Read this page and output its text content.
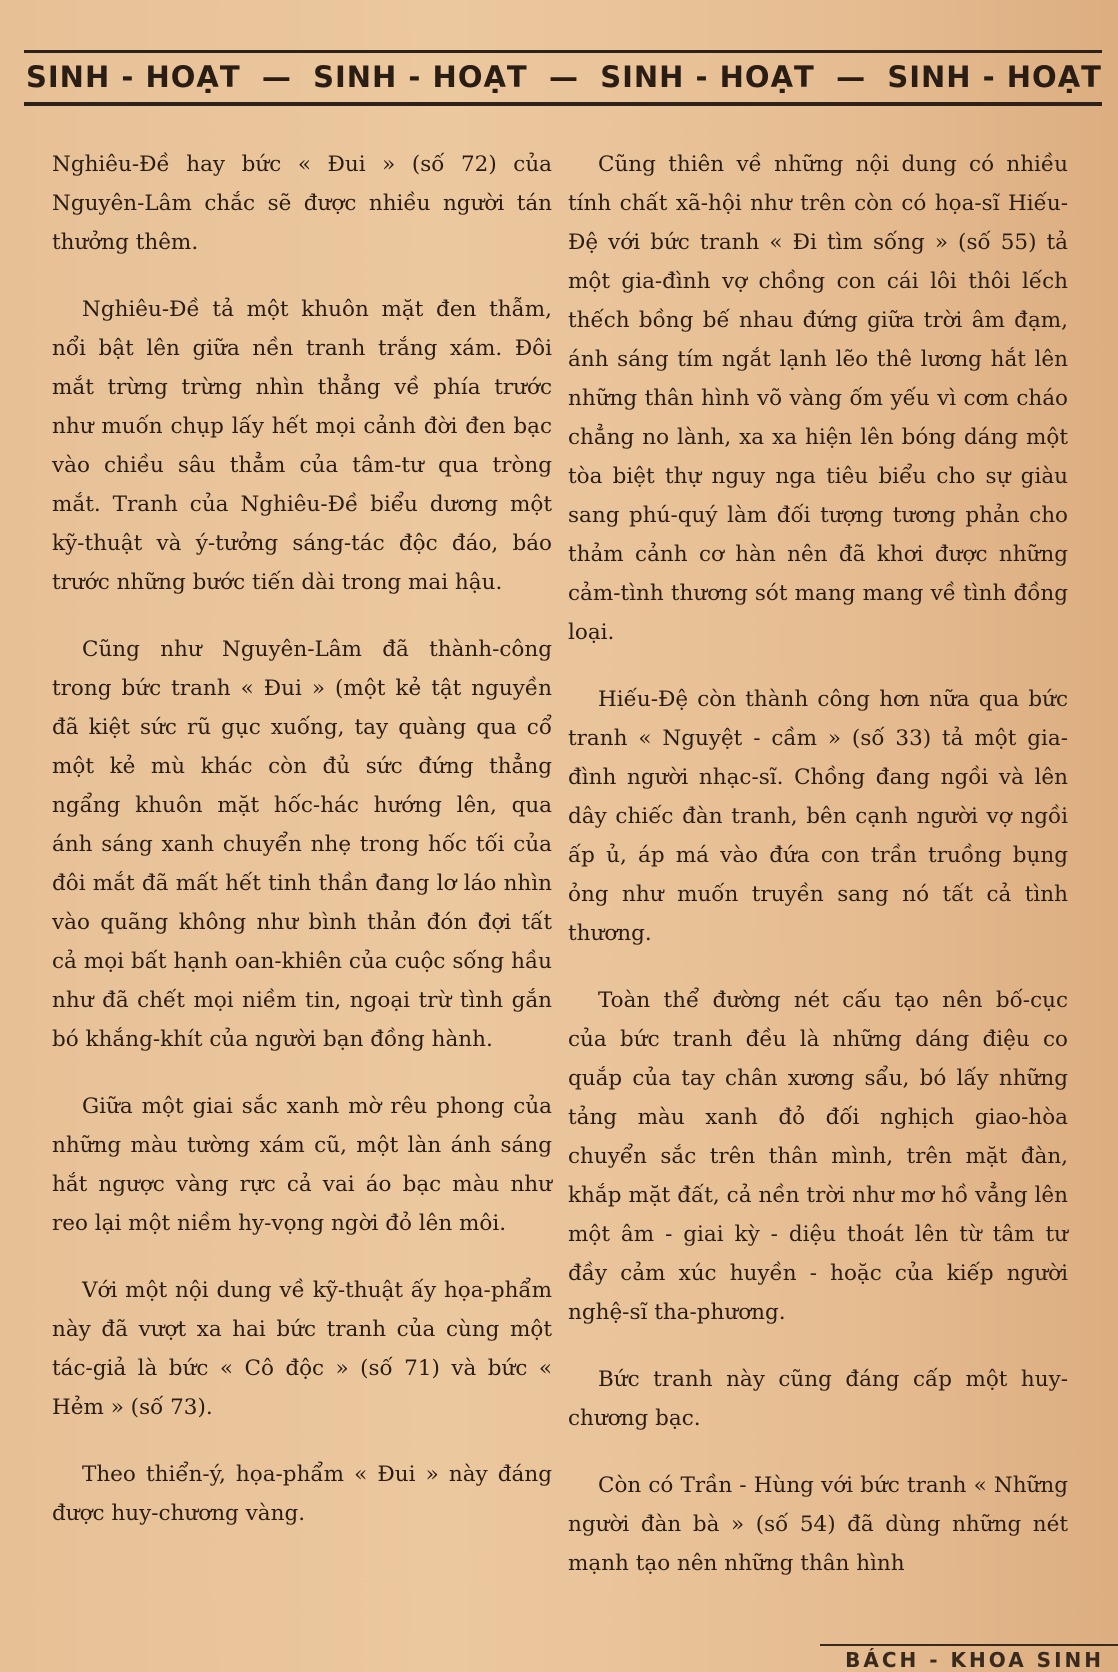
SINH - HOẠT — SINH - HOẠT — SINH - HOẠT — SINH - HOẠT

Nghiêu-Đề hay bức « Đui » (số 72) của Nguyên-Lâm chắc sẽ được nhiều người tán thưởng thêm.

Nghiêu-Đề tả một khuôn mặt đen thẫm, nổi bật lên giữa nền tranh trắng xám. Đôi mắt trừng trừng nhìn thẳng về phía trước như muốn chụp lấy hết mọi cảnh đời đen bạc vào chiều sâu thẳm của tâm-tư qua tròng mắt. Tranh của Nghiêu-Đề biểu dương một kỹ-thuật và ý-tưởng sáng-tác độc đáo, báo trước những bước tiến dài trong mai hậu.

Cũng như Nguyên-Lâm đã thành-công trong bức tranh « Đui » (một kẻ tật nguyền đã kiệt sức rũ gục xuống, tay quàng qua cổ một kẻ mù khác còn đủ sức đứng thẳng ngẩng khuôn mặt hốc-hác hướng lên, qua ánh sáng xanh chuyển nhẹ trong hốc tối của đôi mắt đã mất hết tinh thần đang lơ láo nhìn vào quãng không như bình thản đón đợi tất cả mọi bất hạnh oan-khiên của cuộc sống hầu như đã chết mọi niềm tin, ngoại trừ tình gắn bó khắng-khít của người bạn đồng hành.

Giữa một giai sắc xanh mờ rêu phong của những màu tường xám cũ, một làn ánh sáng hắt ngược vàng rực cả vai áo bạc màu như reo lại một niềm hy-vọng ngời đỏ lên môi.

Với một nội dung về kỹ-thuật ấy họa-phẩm này đã vượt xa hai bức tranh của cùng một tác-giả là bức « Cô độc » (số 71) và bức « Hẻm » (số 73).

Theo thiển-ý, họa-phẩm « Đui » này đáng được huy-chương vàng.

Cũng thiên về những nội dung có nhiều tính chất xã-hội như trên còn có họa-sĩ Hiếu-Đệ với bức tranh « Đi tìm sống » (số 55) tả một gia-đình vợ chồng con cái lôi thôi lếch thếch bồng bế nhau đứng giữa trời âm đạm, ánh sáng tím ngắt lạnh lẽo thê lương hắt lên những thân hình võ vàng ốm yếu vì cơm cháo chẳng no lành, xa xa hiện lên bóng dáng một tòa biệt thự nguy nga tiêu biểu cho sự giàu sang phú-quý làm đối tượng tương phản cho thảm cảnh cơ hàn nên đã khơi được những cảm-tình thương sót mang mang về tình đồng loại.

Hiếu-Đệ còn thành công hơn nữa qua bức tranh « Nguyệt - cầm » (số 33) tả một gia-đình người nhạc-sĩ. Chồng đang ngồi và lên dây chiếc đàn tranh, bên cạnh người vợ ngồi ấp ủ, áp má vào đứa con trần truồng bụng ỏng như muốn truyền sang nó tất cả tình thương.

Toàn thể đường nét cấu tạo nên bố-cục của bức tranh đều là những dáng điệu co quắp của tay chân xương sẩu, bó lấy những tảng màu xanh đỏ đối nghịch giao-hòa chuyển sắc trên thân mình, trên mặt đàn, khắp mặt đất, cả nền trời như mơ hồ vẳng lên một âm - giai kỳ - diệu thoát lên từ tâm tư đầy cảm xúc huyền - hoặc của kiếp người nghệ-sĩ tha-phương.

Bức tranh này cũng đáng cấp một huy-chương bạc.

Còn có Trần - Hùng với bức tranh « Những người đàn bà » (số 54) đã dùng những nét mạnh tạo nên những thân hình

BÁCH - KHOA SINH
